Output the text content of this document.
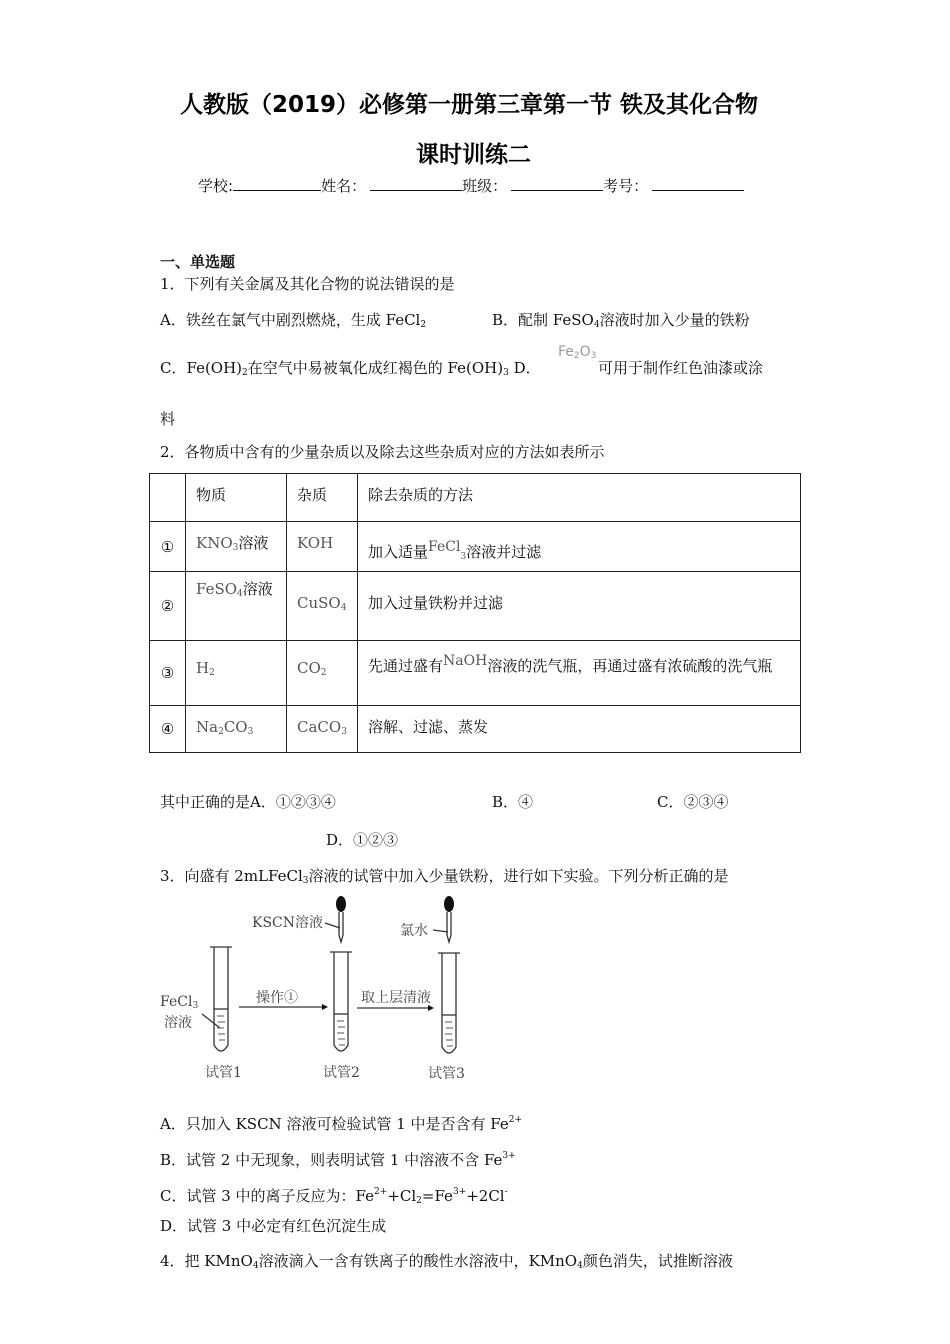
人教版（2019）必修第一册第三章第一节 铁及其化合物
课时训练二
学校:	姓名：	班级：	考号：
一、单选题
1．下列有关金属及其化合物的说法错误的是
A．铁丝在氯气中剧烈燃烧，生成 FeCl$_2$	B．配制 FeSO$_4$溶液时加入少量的铁粉
C．$Fe(OH)_2$在空气中易被氧化成红褐色的 $Fe(OH)_3$ D．
$Fe_2O_3$
可用于制作红色油漆或涂
料
2．各物质中含有的少量杂质以及除去这些杂质对应的方法如表所示
	物质	杂质	除去杂质的方法
①	$KNO_3$溶液	KOH	加入适量$^{FeCl}_3$溶液并过滤
②	FeSO$_4$溶液	CuSO$_4$	加入过量铁粉并过滤
③	$H_2$	$CO_2$	先通过盛有$^{NaOH}$溶液的洗气瓶，再通过盛有浓硫酸的洗气瓶
④	$Na_2CO_3$	CaCO$_3$	溶解、过滤、蒸发
其中正确的是A．①②③④	B．④	C．②③④
D．①②③
3．向盛有 2mLFeCl$_3$溶液的试管中加入少量铁粉，进行如下实验。下列分析正确的是
FeCl$_3$
溶液
KSCN溶液	氯水
操作①	取上层清液
试管1	试管2	试管3
A．只加入 KSCN 溶液可检验试管 1 中是否含有 $Fe^{2+}$
B．试管 2 中无现象，则表明试管 1 中溶液不含 $Fe^{3+}$
C．试管 3 中的离子反应为：$Fe^{2+}+Cl_2=Fe^{3+}+2Cl^-$
D．试管 3 中必定有红色沉淀生成
4．把 KMnO$_4$溶液滴入一含有铁离子的酸性水溶液中，KMnO$_4$颜色消失，试推断溶液
